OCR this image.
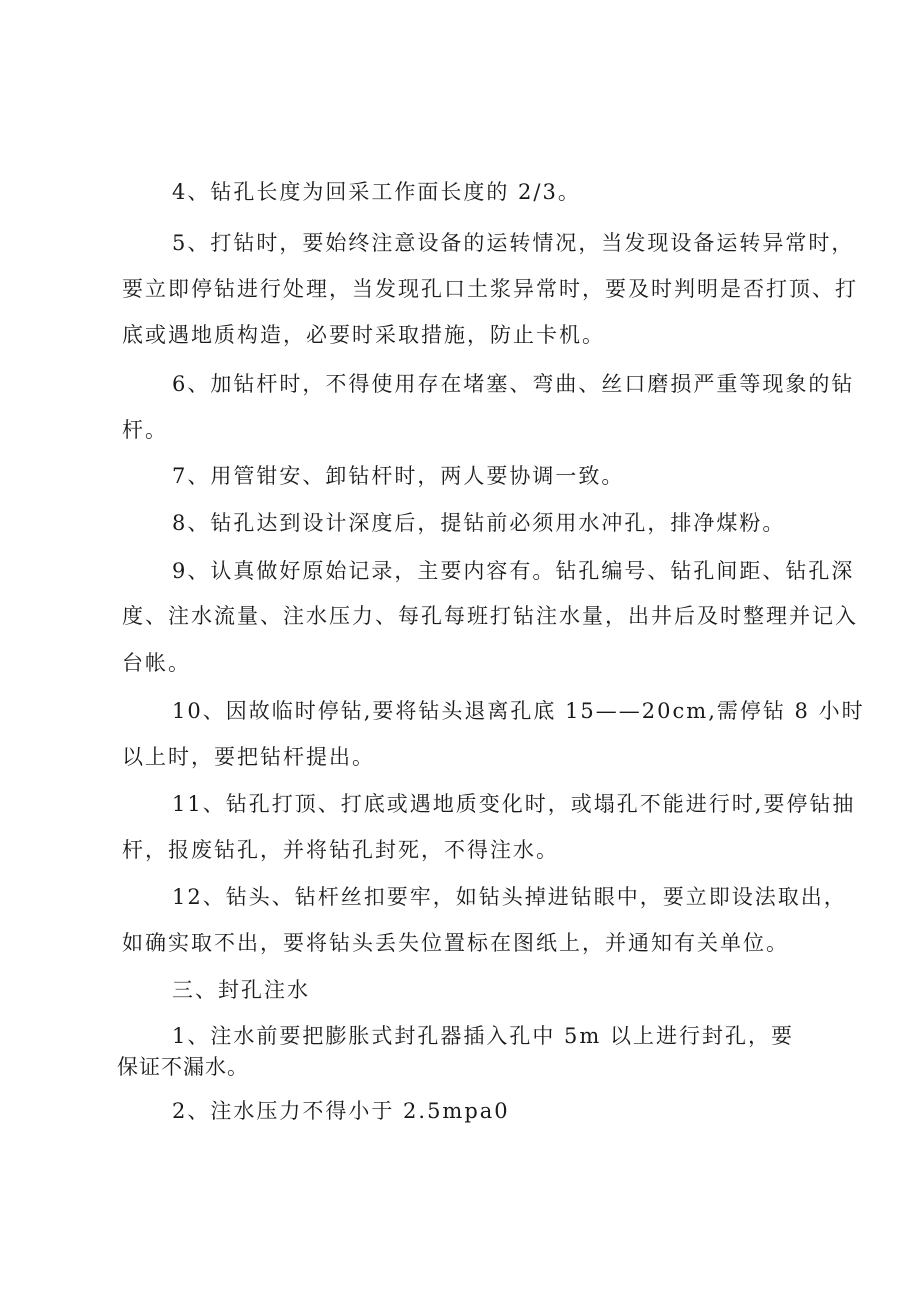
4、钻孔长度为回采工作面长度的 2/3。
5、打钻时，要始终注意设备的运转情况，当发现设备运转异常时，
要立即停钻进行处理，当发现孔口土浆异常时，要及时判明是否打顶、打
底或遇地质构造，必要时采取措施，防止卡机。
6、加钻杆时，不得使用存在堵塞、弯曲、丝口磨损严重等现象的钻
杆。
7、用管钳安、卸钻杆时，两人要协调一致。
8、钻孔达到设计深度后，提钻前必须用水冲孔，排净煤粉。
9、认真做好原始记录，主要内容有。钻孔编号、钻孔间距、钻孔深
度、注水流量、注水压力、每孔每班打钻注水量，出井后及时整理并记入
台帐。
10、因故临时停钻,要将钻头退离孔底 15——20cm,需停钻 8 小时
以上时，要把钻杆提出。
11、钻孔打顶、打底或遇地质变化时，或塌孔不能进行时,要停钻抽
杆，报废钻孔，并将钻孔封死，不得注水。
12、钻头、钻杆丝扣要牢，如钻头掉进钻眼中，要立即设法取出，
如确实取不出，要将钻头丢失位置标在图纸上，并通知有关单位。
三、封孔注水
1、注水前要把膨胀式封孔器插入孔中 5m 以上进行封孔，要
保证不漏水。
2、注水压力不得小于 2.5mpa0
